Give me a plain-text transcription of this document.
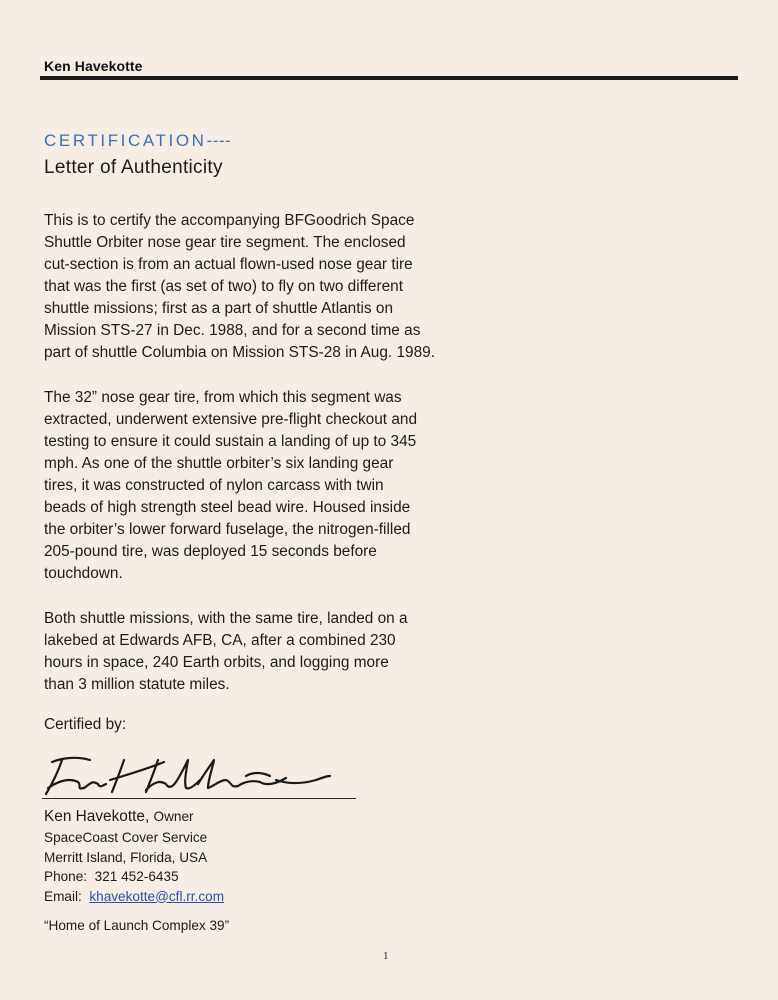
Ken Havekotte
CERTIFICATION----
Letter of Authenticity
This is to certify the accompanying BFGoodrich Space
Shuttle Orbiter nose gear tire segment. The enclosed
cut-section is from an actual flown-used nose gear tire
that was the first (as set of two) to fly on two different
shuttle missions; first as a part of shuttle Atlantis on
Mission STS-27 in Dec. 1988, and for a second time as
part of shuttle Columbia on Mission STS-28 in Aug. 1989.
The 32” nose gear tire, from which this segment was
extracted, underwent extensive pre-flight checkout and
testing to ensure it could sustain a landing of up to 345
mph. As one of the shuttle orbiter’s six landing gear
tires, it was constructed of nylon carcass with twin
beads of high strength steel bead wire. Housed inside
the orbiter’s lower forward fuselage, the nitrogen-filled
205-pound tire, was deployed 15 seconds before
touchdown.
Both shuttle missions, with the same tire, landed on a
lakebed at Edwards AFB, CA, after a combined 230
hours in space, 240 Earth orbits, and logging more
than 3 million statute miles.
Certified by:
Ken Havekotte, Owner
SpaceCoast Cover Service
Merritt Island, Florida, USA
Phone: 321 452-6435
Email: khavekotte@cfl.rr.com
“Home of Launch Complex 39”
1
